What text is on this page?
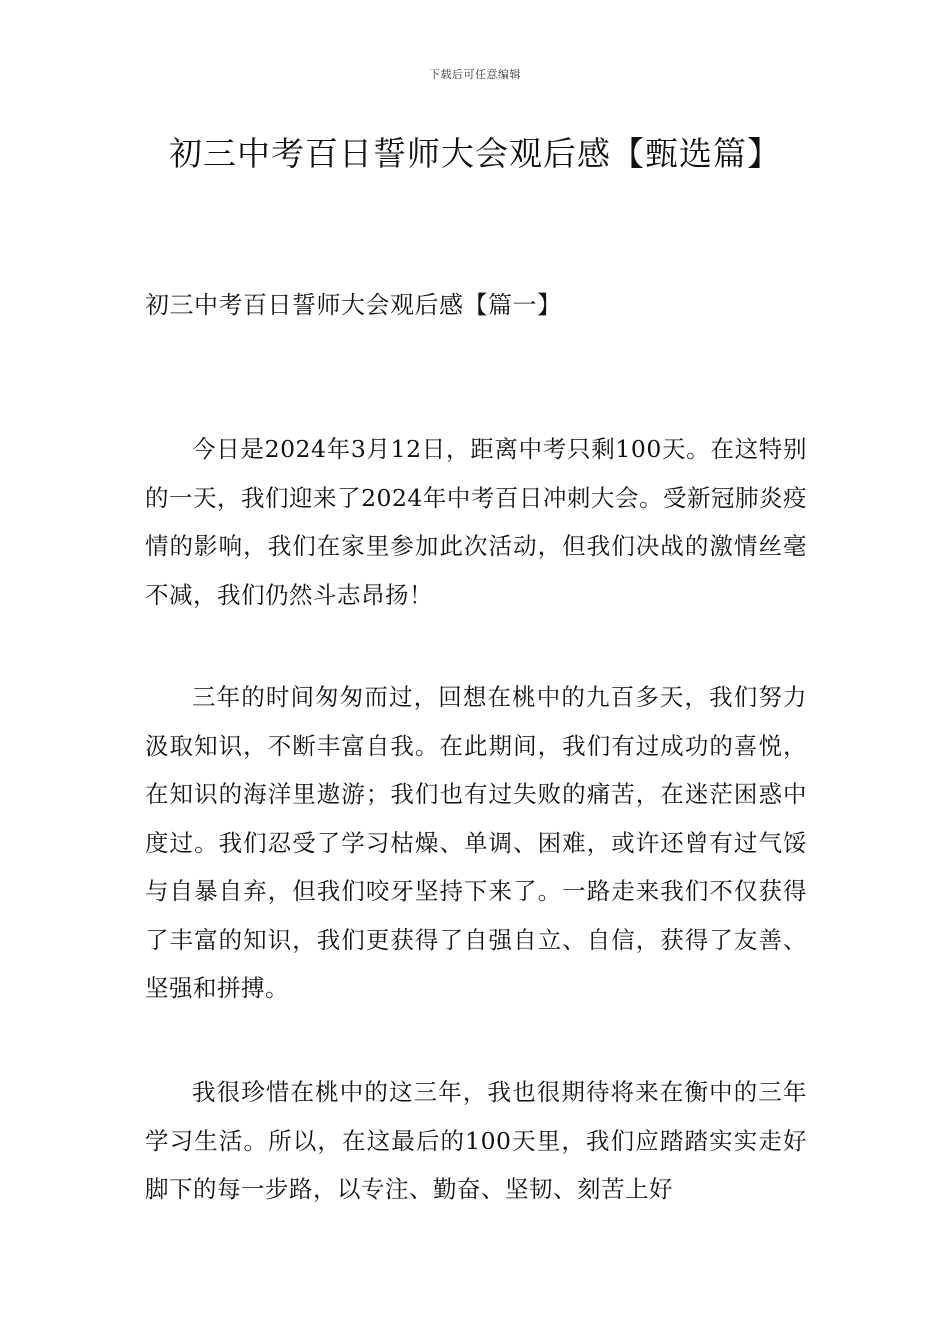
下载后可任意编辑
初三中考百日誓师大会观后感【甄选篇】
初三中考百日誓师大会观后感【篇一】

今日是2024年3月12日，距离中考只剩100天。在这特别的一天，我们迎来了2024年中考百日冲刺大会。受新冠肺炎疫情的影响，我们在家里参加此次活动，但我们决战的激情丝毫不减，我们仍然斗志昂扬！

三年的时间匆匆而过，回想在桃中的九百多天，我们努力汲取知识，不断丰富自我。在此期间，我们有过成功的喜悦，在知识的海洋里遨游；我们也有过失败的痛苦，在迷茫困惑中度过。我们忍受了学习枯燥、单调、困难，或许还曾有过气馁与自暴自弃，但我们咬牙坚持下来了。一路走来我们不仅获得了丰富的知识，我们更获得了自强自立、自信，获得了友善、坚强和拼搏。

我很珍惜在桃中的这三年，我也很期待将来在衡中的三年学习生活。所以，在这最后的100天里，我们应踏踏实实走好脚下的每一步路，以专注、勤奋、坚韧、刻苦上好
